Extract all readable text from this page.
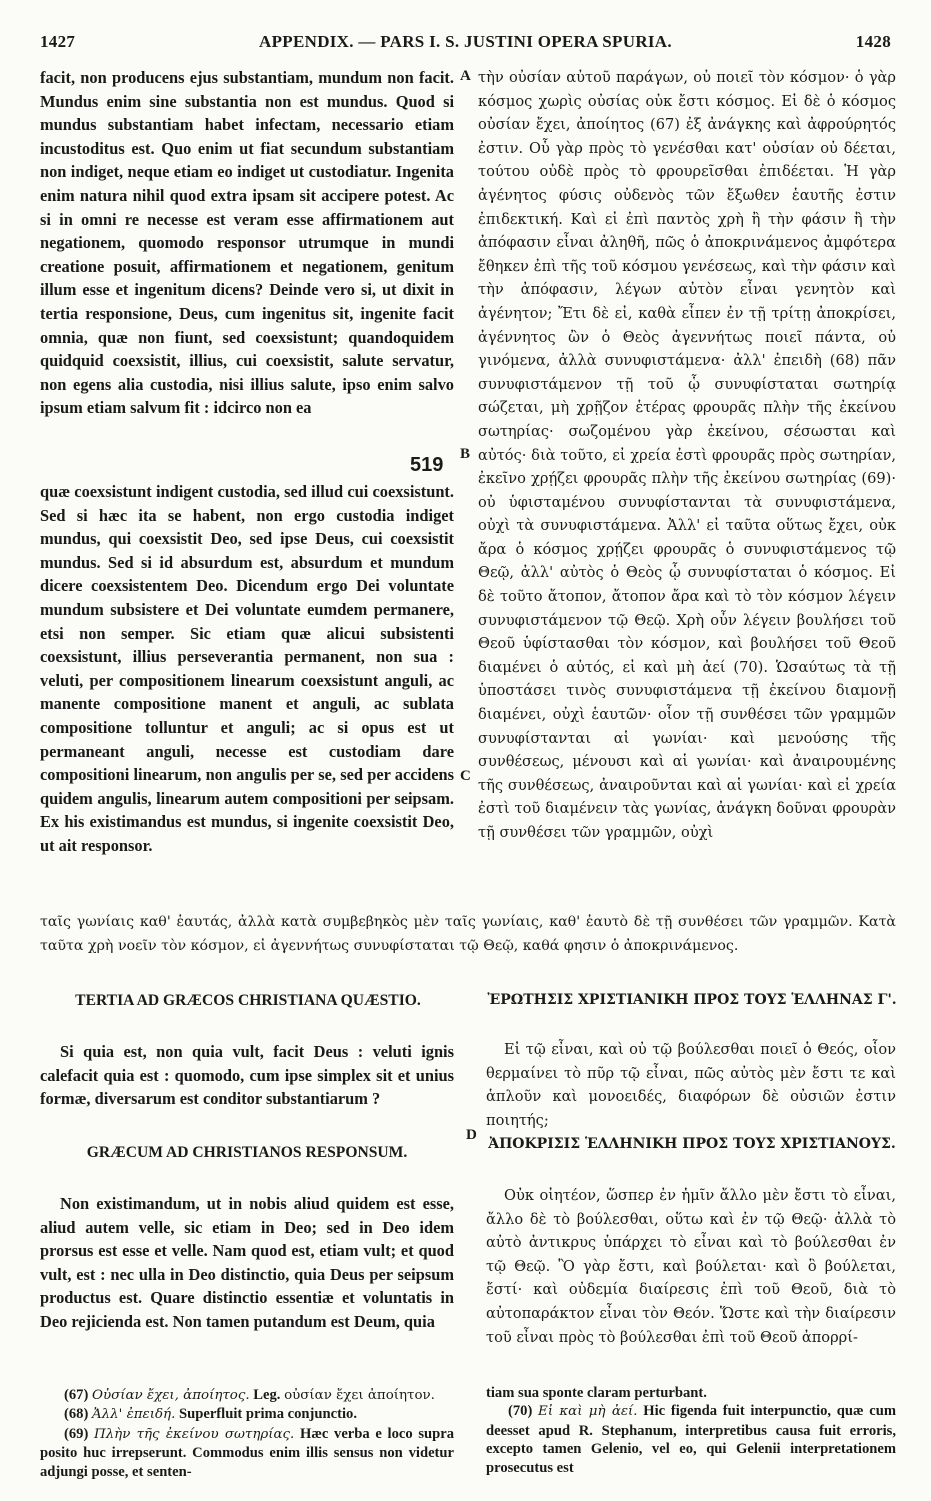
1427	APPENDIX. — PARS I. S. JUSTINI OPERA SPURIA.	1428

facit, non producens ejus substantiam, mundum non facit. Mundus enim sine substantia non est mundus. Quod si mundus substantiam habet infectam, necessario etiam incustoditus est. Quo enim ut fiat secundum substantiam non indiget, neque etiam eo indiget ut custodiatur. Ingenita enim natura nihil quod extra ipsam sit accipere potest. Ac si in omni re necesse est veram esse affirmationem aut negationem, quomodo responsor utrumque in mundi creatione posuit, affirmationem et negationem, genitum illum esse et ingenitum dicens? Deinde vero si, ut dixit in tertia responsione, Deus, cum ingenitus sit, ingenite facit omnia, quæ non fiunt, sed coexsistunt; quandoquidem quidquid coexsistit, illius, cui coexsistit, salute servatur, non egens alia custodia, nisi illius salute, ipso enim salvo ipsum etiam salvum fit : idcirco non ea

519

quæ coexsistunt indigent custodia, sed illud cui coexsistunt. Sed si hæc ita se habent, non ergo custodia indiget mundus, qui coexsistit Deo, sed ipse Deus, cui coexsistit mundus. Sed si id absurdum est, absurdum et mundum dicere coexsistentem Deo. Dicendum ergo Dei voluntate mundum subsistere et Dei voluntate eumdem permanere, etsi non semper. Sic etiam quæ alicui subsistenti coexsistunt, illius perseverantia permanent, non sua : veluti, per compositionem linearum coexsistunt anguli, ac manente compositione manent et anguli, ac sublata compositione tolluntur et anguli; ac si opus est ut permaneant anguli, necesse est custodiam dare compositioni linearum, non angulis per se, sed per accidens quidem angulis, linearum autem compositioni per seipsam. Ex his existimandus est mundus, si ingenite coexsistit Deo, ut ait responsor.

A
B
C
D

τὴν οὐσίαν αὐτοῦ παράγων, οὐ ποιεῖ τὸν κόσμον· ὁ γὰρ κόσμος χωρὶς οὐσίας οὐκ ἔστι κόσμος. Εἰ δὲ ὁ κόσμος οὐσίαν ἔχει, ἀποίητος (67) ἐξ ἀνάγκης καὶ ἀφρούρητός ἐστιν. Οὗ γὰρ πρὸς τὸ γενέσθαι κατ' οὐσίαν οὐ δέεται, τούτου οὐδὲ πρὸς τὸ φρουρεῖσθαι ἐπιδέεται. Ἡ γὰρ ἀγένητος φύσις οὐδενὸς τῶν ἔξωθεν ἑαυτῆς ἐστιν ἐπιδεκτική. Καὶ εἰ ἐπὶ παντὸς χρὴ ἢ τὴν φάσιν ἢ τὴν ἀπόφασιν εἶναι ἀληθῆ, πῶς ὁ ἀποκρινάμενος ἀμφότερα ἔθηκεν ἐπὶ τῆς τοῦ κόσμου γενέσεως, καὶ τὴν φάσιν καὶ τὴν ἀπόφασιν, λέγων αὐτὸν εἶναι γενητὸν καὶ ἀγένητον; Ἔτι δὲ εἰ, καθὰ εἶπεν ἐν τῇ τρίτῃ ἀποκρίσει, ἀγέννητος ὢν ὁ Θεὸς ἀγεννήτως ποιεῖ πάντα, οὐ γινόμενα, ἀλλὰ συνυφιστάμενα· ἀλλ' ἐπειδὴ (68) πᾶν συνυφιστάμενον τῇ τοῦ ᾧ συνυφίσταται σωτηρίᾳ σώζεται, μὴ χρῇζον ἑτέρας φρουρᾶς πλὴν τῆς ἐκείνου σωτηρίας· σωζομένου γὰρ ἐκείνου, σέσωσται καὶ αὐτός· διὰ τοῦτο, εἰ χρεία ἐστὶ φρουρᾶς πρὸς σωτηρίαν, ἐκεῖνο χρῄζει φρουρᾶς πλὴν τῆς ἐκείνου σωτηρίας (69)· οὐ ὑφισταμένου συνυφίστανται τὰ συνυφιστάμενα, οὐχὶ τὰ συνυφιστάμενα. Ἀλλ' εἰ ταῦτα οὕτως ἔχει, οὐκ ἄρα ὁ κόσμος χρῄζει φρουρᾶς ὁ συνυφιστάμενος τῷ Θεῷ, ἀλλ' αὐτὸς ὁ Θεὸς ᾧ συνυφίσταται ὁ κόσμος. Εἰ δὲ τοῦτο ἄτοπον, ἄτοπον ἄρα καὶ τὸ τὸν κόσμον λέγειν συνυφιστάμενον τῷ Θεῷ. Χρὴ οὖν λέγειν βουλήσει τοῦ Θεοῦ ὑφίστασθαι τὸν κόσμον, καὶ βουλήσει τοῦ Θεοῦ διαμένει ὁ αὐτός, εἰ καὶ μὴ ἀεί (70). Ὡσαύτως τὰ τῇ ὑποστάσει τινὸς συνυφιστάμενα τῇ ἐκείνου διαμονῇ διαμένει, οὐχὶ ἑαυτῶν· οἷον τῇ συνθέσει τῶν γραμμῶν συνυφίστανται αἱ γωνίαι· καὶ μενούσης τῆς συνθέσεως, μένουσι καὶ αἱ γωνίαι· καὶ ἀναιρουμένης τῆς συνθέσεως, ἀναιροῦνται καὶ αἱ γωνίαι· καὶ εἰ χρεία ἐστὶ τοῦ διαμένειν τὰς γωνίας, ἀνάγκη δοῦναι φρουρὰν τῇ συνθέσει τῶν γραμμῶν, οὐχὶ

ταῖς γωνίαις καθ' ἑαυτάς, ἀλλὰ κατὰ συμβεβηκὸς μὲν ταῖς γωνίαις, καθ' ἑαυτὸ δὲ τῇ συνθέσει τῶν γραμμῶν. Κατὰ ταῦτα χρὴ νοεῖν τὸν κόσμον, εἰ ἀγεννήτως συνυφίσταται τῷ Θεῷ, καθά φησιν ὁ ἀποκρινάμενος.
TERTIA AD GRÆCOS CHRISTIANA QUÆSTIO.
Si quia est, non quia vult, facit Deus : veluti ignis calefacit quia est : quomodo, cum ipse simplex sit et unius formæ, diversarum est conditor substantiarum ?
GRÆCUM AD CHRISTIANOS RESPONSUM.
Non existimandum, ut in nobis aliud quidem est esse, aliud autem velle, sic etiam in Deo; sed in Deo idem prorsus est esse et velle. Nam quod est, etiam vult; et quod vult, est : nec ulla in Deo distinctio, quia Deus per seipsum productus est. Quare distinctio essentiæ et voluntatis in Deo rejicienda est. Non tamen putandum est Deum, quia
ἘΡΩΤΗΣΙΣ ΧΡΙΣΤΙΑΝΙΚΗ ΠΡΟΣ ΤΟΥΣ ἙΛΛΗΝΑΣ Γ'.
Εἰ τῷ εἶναι, καὶ οὐ τῷ βούλεσθαι ποιεῖ ὁ Θεός, οἷον θερμαίνει τὸ πῦρ τῷ εἶναι, πῶς αὐτὸς μὲν ἔστι τε καὶ ἁπλοῦν καὶ μονοειδές, διαφόρων δὲ οὐσιῶν ἐστιν ποιητής;
ἈΠΟΚΡΙΣΙΣ ἙΛΛΗΝΙΚΗ ΠΡΟΣ ΤΟΥΣ ΧΡΙΣΤΙΑΝΟΥΣ.
Οὐκ οἰητέον, ὥσπερ ἐν ἡμῖν ἄλλο μὲν ἔστι τὸ εἶναι, ἄλλο δὲ τὸ βούλεσθαι, οὕτω καὶ ἐν τῷ Θεῷ· ἀλλὰ τὸ αὐτὸ ἀντικρυς ὑπάρχει τὸ εἶναι καὶ τὸ βούλεσθαι ἐν τῷ Θεῷ. Ὃ γὰρ ἔστι, καὶ βούλεται· καὶ ὃ βούλεται, ἔστί· καὶ οὐδεμία διαίρεσις ἐπὶ τοῦ Θεοῦ, διὰ τὸ αὐτοπαράκτον εἶναι τὸν Θεόν. Ὥστε καὶ τὴν διαίρεσιν τοῦ εἶναι πρὸς τὸ βούλεσθαι ἐπὶ τοῦ Θεοῦ ἀπορρί-

(67) Οὐσίαν ἔχει, ἀποίητος. Leg. οὐσίαν ἔχει ἀποίητον.

(68) Ἀλλ' ἐπειδή. Superfluit prima conjunctio.

(69) Πλὴν τῆς ἐκείνου σωτηρίας. Hæc verba e loco supra posito huc irrepserunt. Commodus enim illis sensus non videtur adjungi posse, et senten-

tiam sua sponte claram perturbant.

(70) Εἰ καὶ μὴ ἀεί. Hic figenda fuit interpunctio, quæ cum deesset apud R. Stephanum, interpretibus causa fuit erroris, excepto tamen Gelenio, vel eo, qui Gelenii interpretationem prosecutus est
